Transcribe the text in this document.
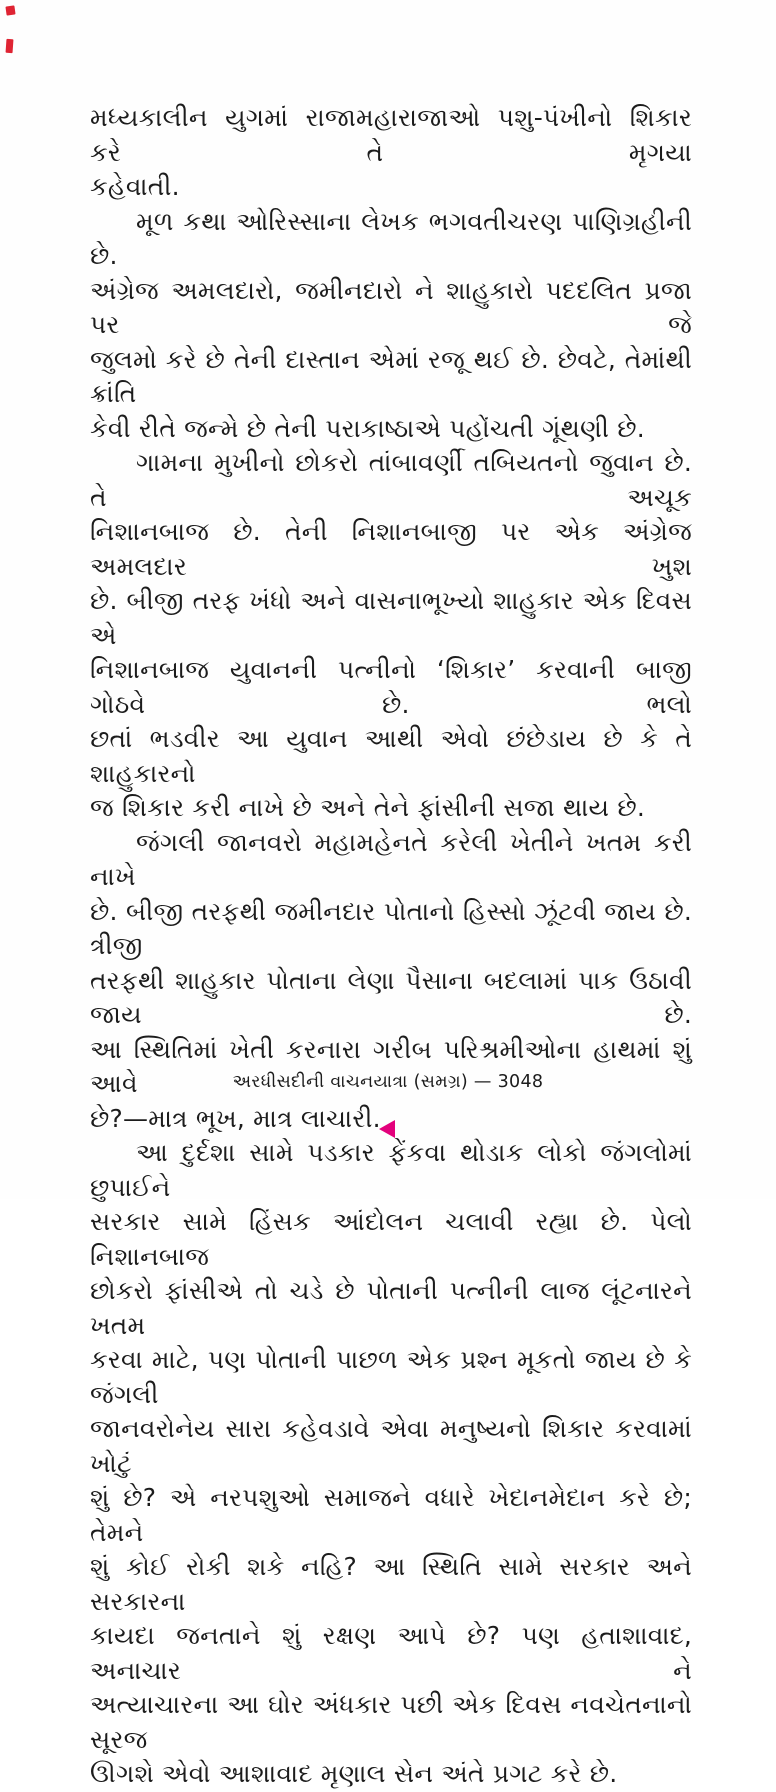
મધ્યકાલીન યુગમાં રાજામહારાજાઓ પશુ-પંખીનો શિકાર કરે તે મૃગયા
કહેવાતી.
મૂળ કથા ઓરિસ્સાના લેખક ભગવતીચરણ પાણિગ્રહીની છે.
અંગ્રેજ અમલદારો, જમીનદારો ને શાહુકારો પદદલિત પ્રજા પર જે
જુલમો કરે છે તેની દાસ્તાન એમાં રજૂ થઈ છે. છેવટે, તેમાંથી ક્રાંતિ
કેવી રીતે જન્મે છે તેની પરાકાષ્ઠાએ પહોંચતી ગૂંથણી છે.
ગામના મુખીનો છોકરો તાંબાવર્ણી તબિયતનો જુવાન છે. તે અચૂક
નિશાનબાજ છે. તેની નિશાનબાજી પર એક અંગ્રેજ અમલદાર ખુશ
છે. બીજી તરફ ખંધો અને વાસનાભૂખ્યો શાહુકાર એક દિવસ એ
નિશાનબાજ યુવાનની પત્નીનો ‘શિકાર’ કરવાની બાજી ગોઠવે છે. ભલો
છતાં ભડવીર આ યુવાન આથી એવો છંછેડાય છે કે તે શાહુકારનો
જ શિકાર કરી નાખે છે અને તેને ફાંસીની સજા થાય છે.
જંગલી જાનવરો મહામહેનતે કરેલી ખેતીને ખતમ કરી નાખે
છે. બીજી તરફથી જમીનદાર પોતાનો હિસ્સો ઝૂંટવી જાય છે. ત્રીજી
તરફથી શાહુકાર પોતાના લેણા પૈસાના બદલામાં પાક ઉઠાવી જાય છે.
આ સ્થિતિમાં ખેતી કરનારા ગરીબ પરિશ્રમીઓના હાથમાં શું આવે
છે?—માત્ર ભૂખ, માત્ર લાચારી.
આ દુર્દશા સામે પડકાર ફેંકવા થોડાક લોકો જંગલોમાં છુપાઈને
સરકાર સામે હિંસક આંદોલન ચલાવી રહ્યા છે. પેલો નિશાનબાજ
છોકરો ફાંસીએ તો ચડે છે પોતાની પત્નીની લાજ લૂંટનારને ખતમ
કરવા માટે, પણ પોતાની પાછળ એક પ્રશ્ન મૂકતો જાય છે કે જંગલી
જાનવરોનેય સારા કહેવડાવે એવા મનુષ્યનો શિકાર કરવામાં ખોટું
શું છે? એ નરપશુઓ સમાજને વધારે ખેદાનમેદાન કરે છે; તેમને
શું કોઈ રોકી શકે નહિ? આ સ્થિતિ સામે સરકાર અને સરકારના
કાયદા જનતાને શું રક્ષણ આપે છે? પણ હતાશાવાદ, અનાચાર ને
અત્યાચારના આ ઘોર અંધકાર પછી એક દિવસ નવચેતનાનો સૂરજ
ઊગશે એવો આશાવાદ મૃણાલ સેન અંતે પ્રગટ કરે છે.
અરધીસદીની વાચનયાત્રા (સમગ્ર) — 3048
